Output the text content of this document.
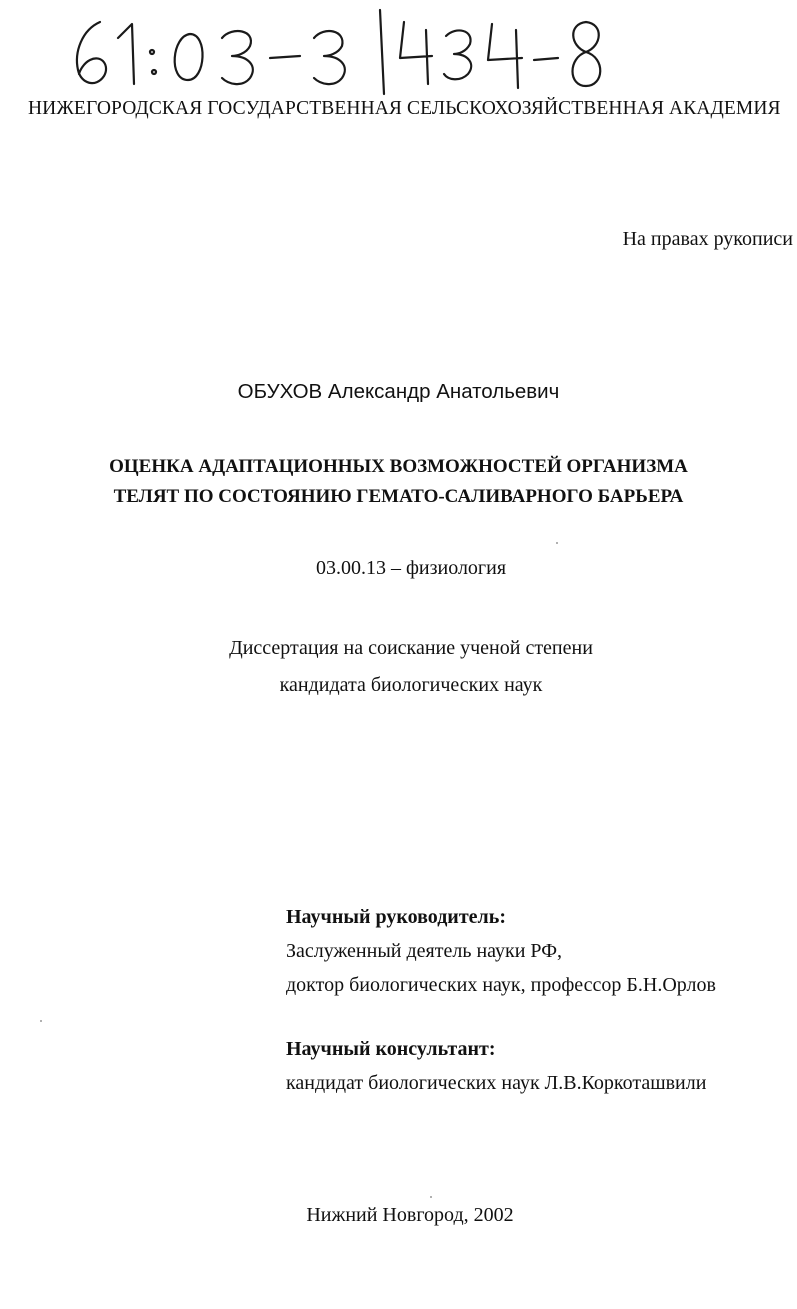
НИЖЕГОРОДСКАЯ ГОСУДАРСТВЕННАЯ СЕЛЬСКОХОЗЯЙСТВЕННАЯ АКАДЕМИЯ
На правах рукописи
ОБУХОВ Александр Анатольевич
ОЦЕНКА АДАПТАЦИОННЫХ ВОЗМОЖНОСТЕЙ ОРГАНИЗМА
ТЕЛЯТ ПО СОСТОЯНИЮ ГЕМАТО-САЛИВАРНОГО БАРЬЕРА
03.00.13 – физиология
Диссертация на соискание ученой степени
кандидата биологических наук
Научный руководитель:
Заслуженный деятель науки РФ,
доктор биологических наук, профессор Б.Н.Орлов
Научный консультант:
кандидат биологических наук Л.В.Коркоташвили
Нижний Новгород, 2002
